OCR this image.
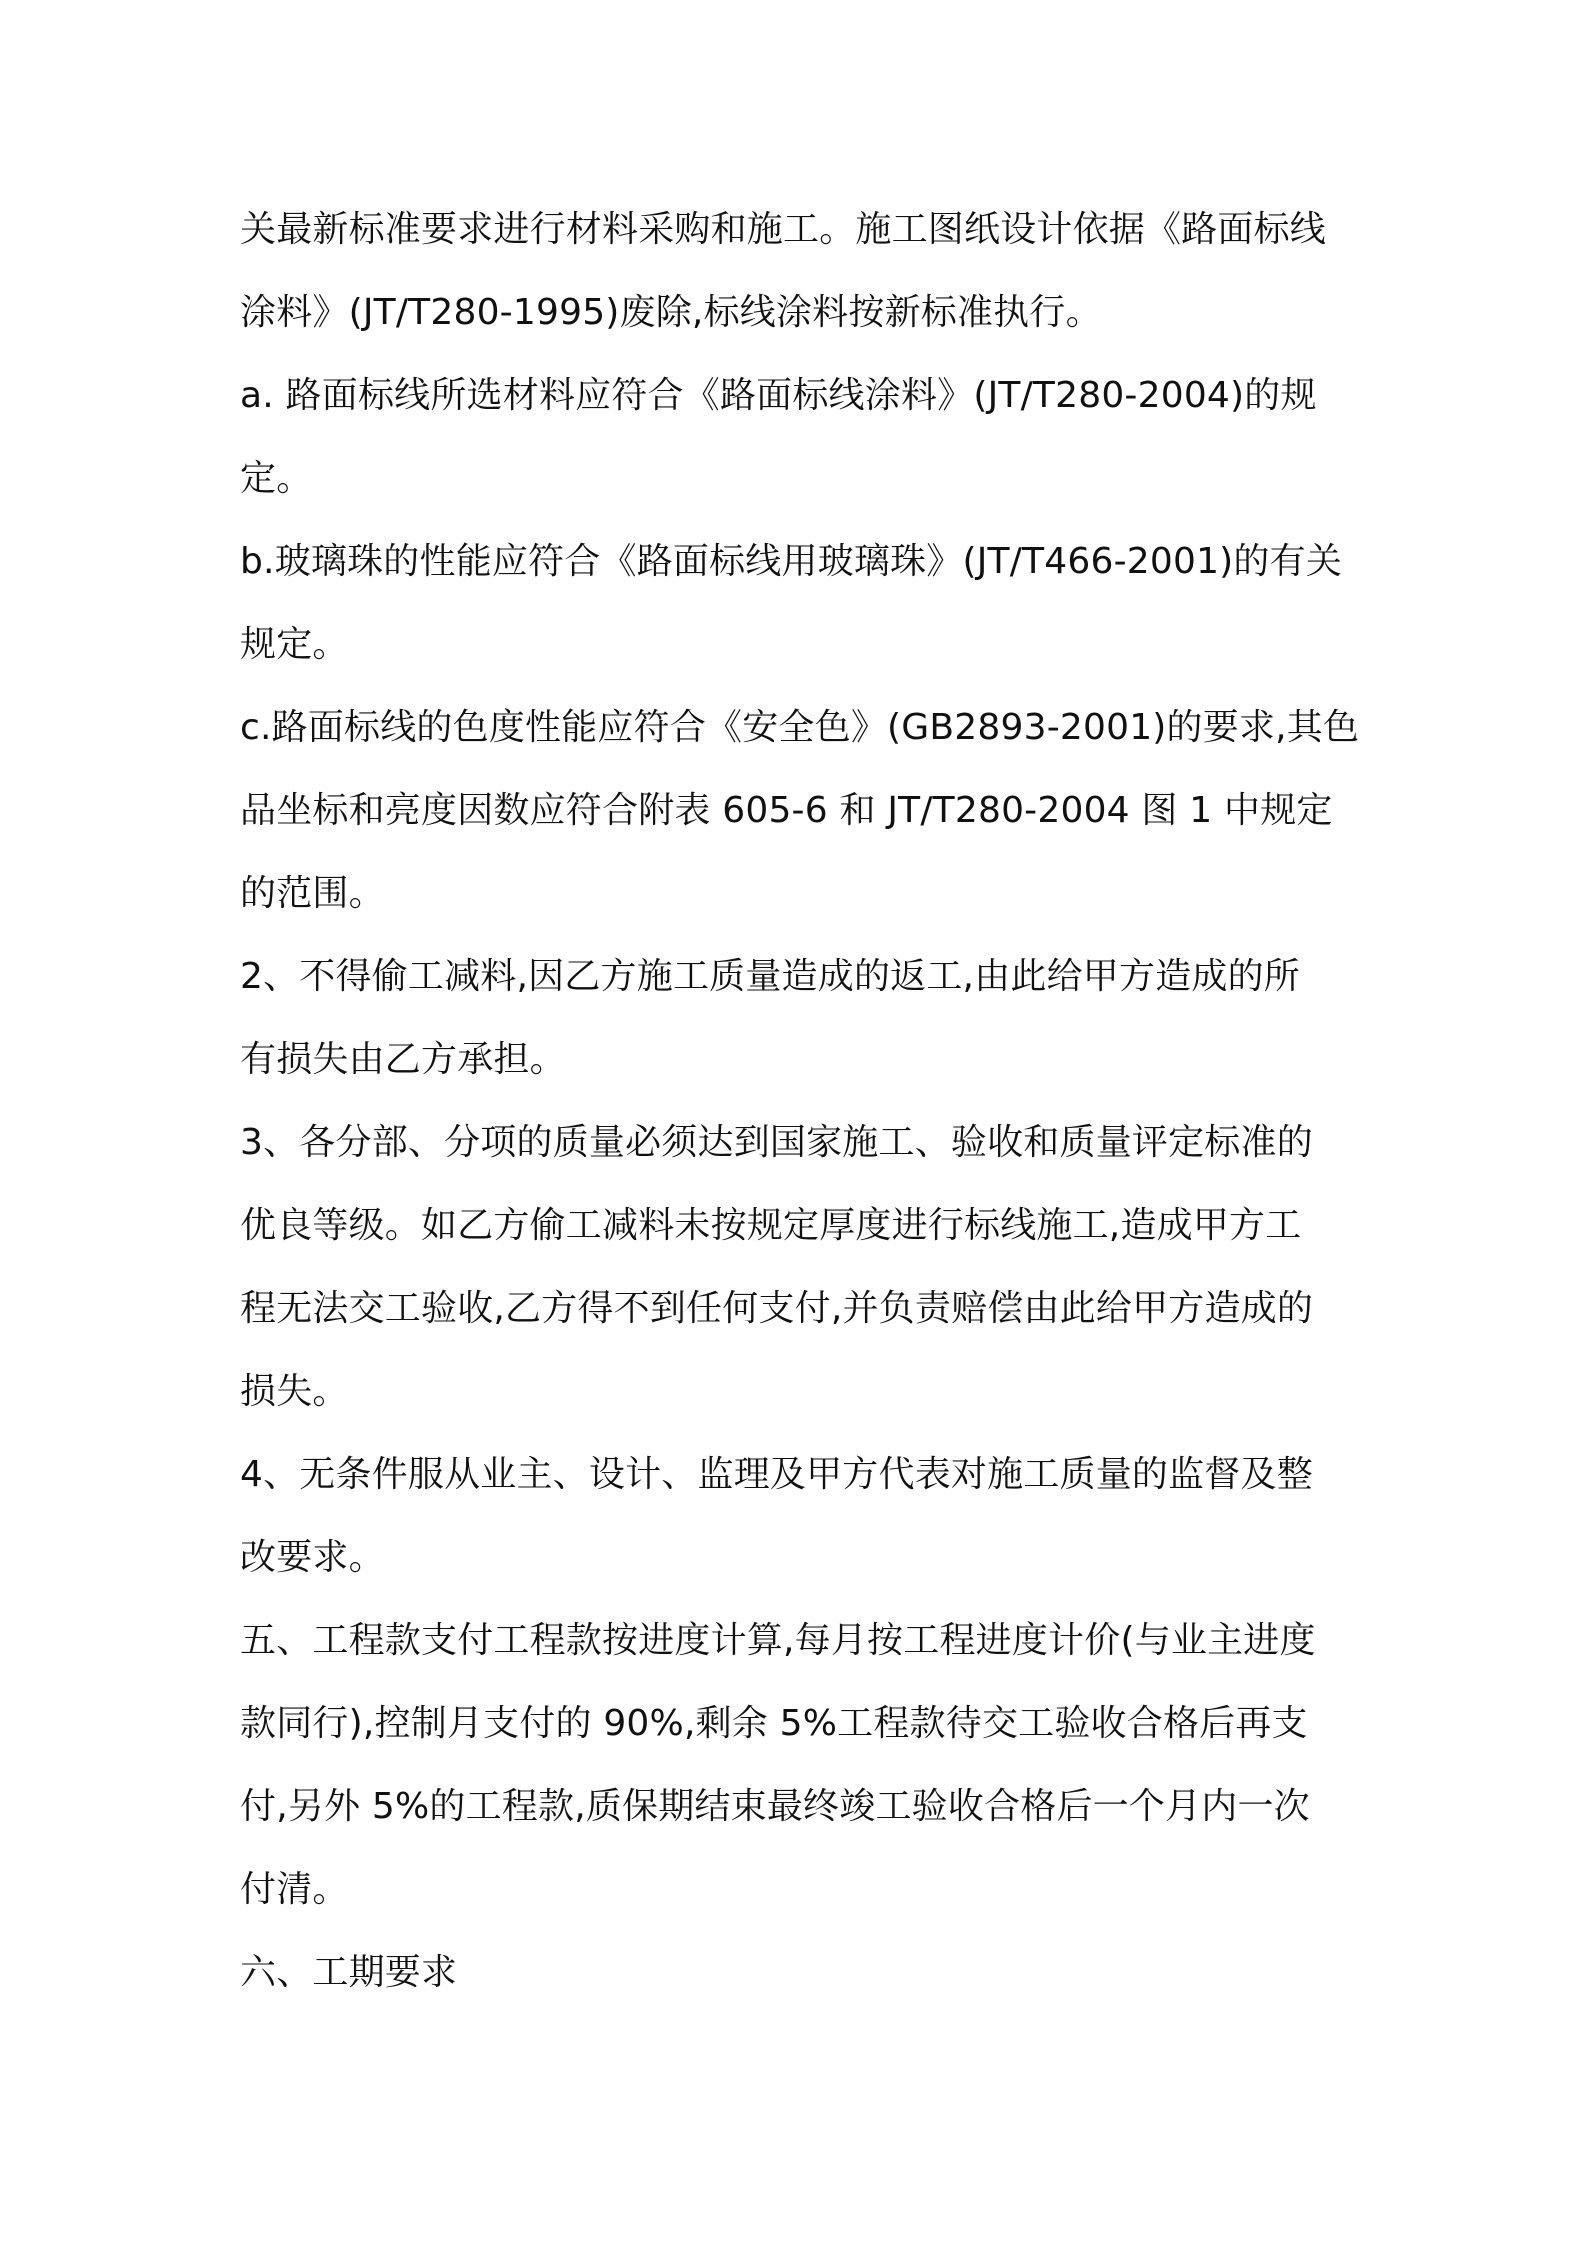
关最新标准要求进行材料采购和施工。施工图纸设计依据《路面标线
涂料》(JT/T280-1995)废除,标线涂料按新标准执行。
a. 路面标线所选材料应符合《路面标线涂料》(JT/T280-2004)的规
定。
b.玻璃珠的性能应符合《路面标线用玻璃珠》(JT/T466-2001)的有关
规定。
c.路面标线的色度性能应符合《安全色》(GB2893-2001)的要求,其色
品坐标和亮度因数应符合附表 605-6 和 JT/T280-2004 图 1 中规定
的范围。
2、不得偷工减料,因乙方施工质量造成的返工,由此给甲方造成的所
有损失由乙方承担。
3、各分部、分项的质量必须达到国家施工、验收和质量评定标准的
优良等级。如乙方偷工减料未按规定厚度进行标线施工,造成甲方工
程无法交工验收,乙方得不到任何支付,并负责赔偿由此给甲方造成的
损失。
4、无条件服从业主、设计、监理及甲方代表对施工质量的监督及整
改要求。
五、工程款支付工程款按进度计算,每月按工程进度计价(与业主进度
款同行),控制月支付的 90%,剩余 5%工程款待交工验收合格后再支
付,另外 5%的工程款,质保期结束最终竣工验收合格后一个月内一次
付清。
六、工期要求
